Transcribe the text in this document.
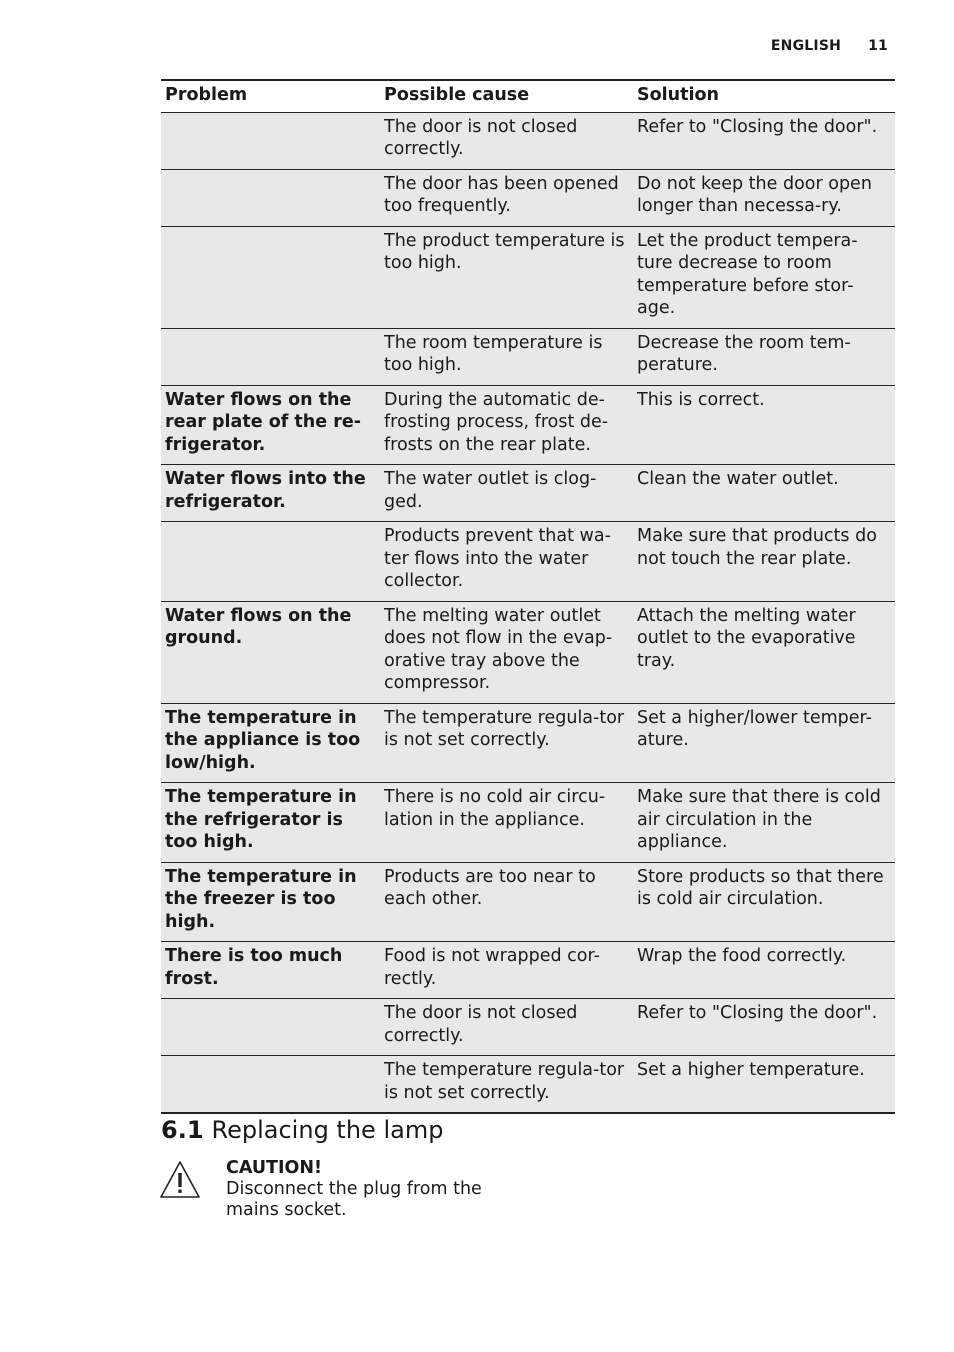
ENGLISH 11
Problem	Possible cause	Solution
	The door is not closed correctly.	Refer to "Closing the door".
	The door has been opened too frequently.	Do not keep the door open longer than necessa-ry.
	The product temperature is too high.	Let the product tempera-ture decrease to room temperature before stor-age.
	The room temperature is too high.	Decrease the room tem-perature.
Water flows on the rear plate of the re-frigerator.	During the automatic de-frosting process, frost de-frosts on the rear plate.	This is correct.
Water flows into the refrigerator.	The water outlet is clog-ged.	Clean the water outlet.
	Products prevent that wa-ter flows into the water collector.	Make sure that products do not touch the rear plate.
Water flows on the ground.	The melting water outlet does not flow in the evap-orative tray above the compressor.	Attach the melting water outlet to the evaporative tray.
The temperature in the appliance is too low/high.	The temperature regula-tor is not set correctly.	Set a higher/lower temper-ature.
The temperature in the refrigerator is too high.	There is no cold air circu-lation in the appliance.	Make sure that there is cold air circulation in the appliance.
The temperature in the freezer is too high.	Products are too near to each other.	Store products so that there is cold air circulation.
There is too much frost.	Food is not wrapped cor-rectly.	Wrap the food correctly.
	The door is not closed correctly.	Refer to "Closing the door".
	The temperature regula-tor is not set correctly.	Set a higher temperature.
6.1 Replacing the lamp
CAUTION!
Disconnect the plug from the mains socket.
